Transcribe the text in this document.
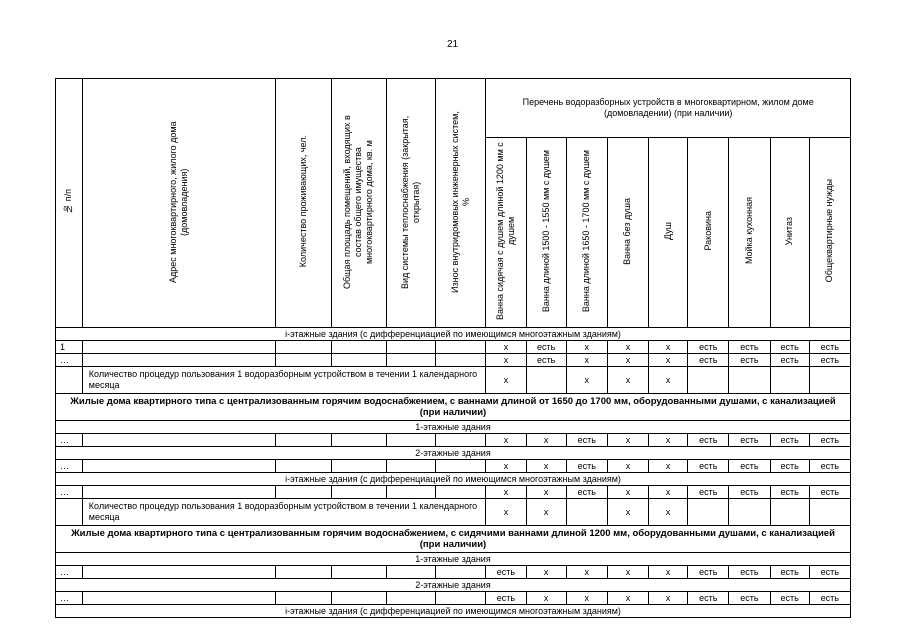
21
№ п/п	Адрес многоквартирного, жилого дома (домовладения)	Количество проживающих, чел.	Общая площадь помещений, входящих в состав общего имущества многоквартирного дома, кв. м	Вид системы теплоснабжения (закрытая, открытая)	Износ внутридомовых инженерных систем, %	Перечень водоразборных устройств в многоквартирном, жилом доме (домовладении) (при наличии)								
						Ванна сидячая с душем длиной 1200 мм с душем	Ванна длиной 1500 - 1550 мм с душем	Ванна длиной 1650 - 1700 мм с душем	Ванна без душа	Душ	Раковина	Мойка кухонная	Унитаз	Общеквартирные нужды
i-этажные здания (с дифференциацией по имеющимся многоэтажным зданиям)														
1						x	есть	x	x	x	есть	есть	есть	есть
…						x	есть	x	x	x	есть	есть	есть	есть
	Количество процедур пользования 1 водоразборным устройством в течении 1 календарного месяца					x		x	x	x				
Жилые дома квартирного типа с централизованным горячим водоснабжением, с ваннами длиной от 1650 до 1700 мм, оборудованными душами, с канализацией (при наличии)														
1-этажные здания														
…						x	x	есть	x	x	есть	есть	есть	есть
2-этажные здания														
…						x	x	есть	x	x	есть	есть	есть	есть
i-этажные здания (с дифференциацией по имеющимся многоэтажным зданиям)														
…						x	x	есть	x	x	есть	есть	есть	есть
	Количество процедур пользования 1 водоразборным устройством в течении 1 календарного месяца					x	x		x	x				
Жилые дома квартирного типа с централизованным горячим водоснабжением, с сидячими ваннами длиной 1200 мм, оборудованными душами, с канализацией (при наличии)														
1-этажные здания														
…						есть	x	x	x	x	есть	есть	есть	есть
2-этажные здания														
…						есть	x	x	x	x	есть	есть	есть	есть
i-этажные здания (с дифференциацией по имеющимся многоэтажным зданиям)														
